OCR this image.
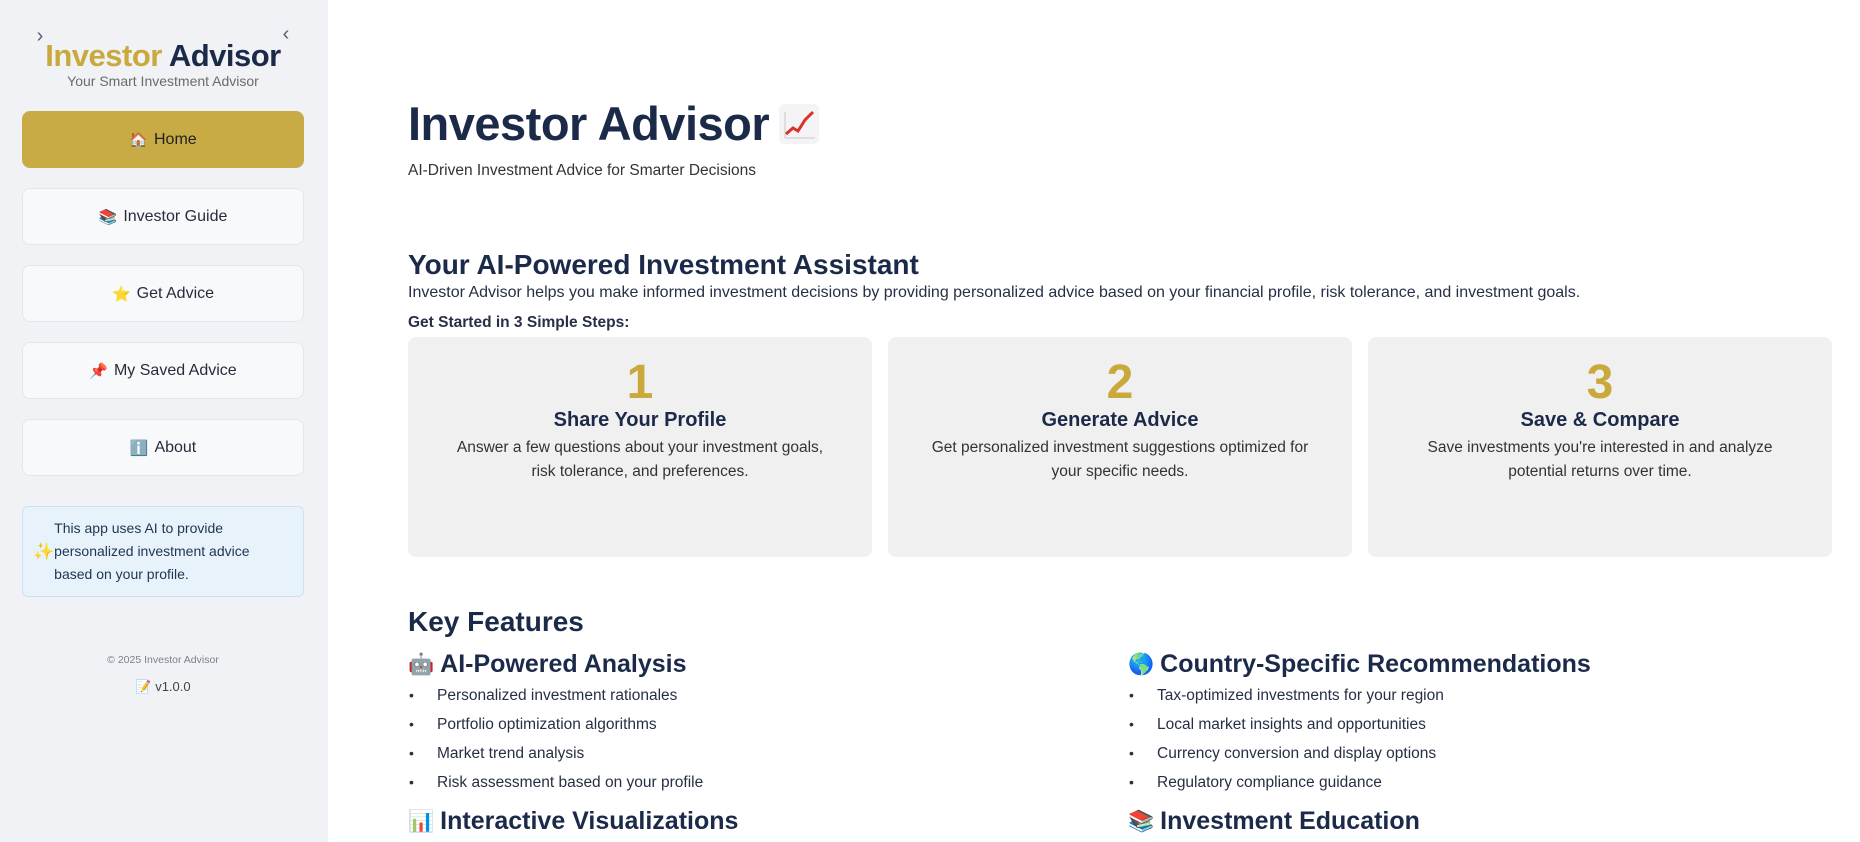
›	‹
Investor Advisor
Your Smart Investment Advisor
🏠 Home
📚 Investor Guide
⭐ Get Advice
📌 My Saved Advice
ℹ️ About
✨
This app uses AI to provide personalized investment advice based on your profile.
© 2025 Investor Advisor
📝 v1.0.0
Investor Advisor
AI-Driven Investment Advice for Smarter Decisions
Your AI-Powered Investment Assistant
Investor Advisor helps you make informed investment decisions by providing personalized advice based on your financial profile, risk tolerance, and investment goals.
Get Started in 3 Simple Steps:
1
Share Your Profile
Answer a few questions about your investment goals, risk tolerance, and preferences.
2
Generate Advice
Get personalized investment suggestions optimized for your specific needs.
3
Save & Compare
Save investments you're interested in and analyze potential returns over time.
Key Features
🤖 AI-Powered Analysis
• Personalized investment rationales
• Portfolio optimization algorithms
• Market trend analysis
• Risk assessment based on your profile
🌎 Country-Specific Recommendations
• Tax-optimized investments for your region
• Local market insights and opportunities
• Currency conversion and display options
• Regulatory compliance guidance
📊 Interactive Visualizations	📚 Investment Education
